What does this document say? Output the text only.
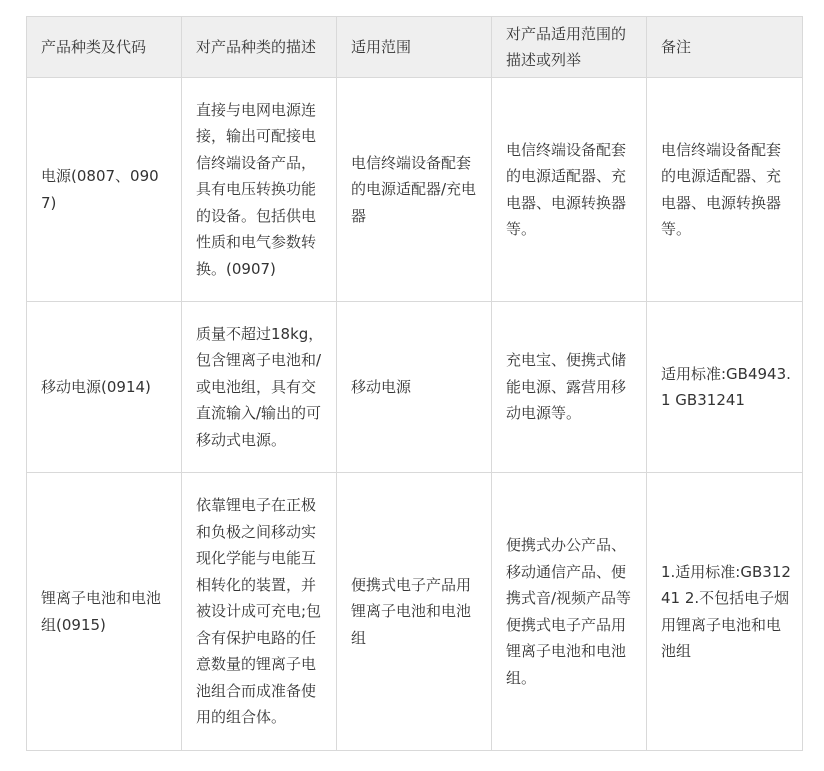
产品种类及代码	对产品种类的描述	适用范围	对产品适用范围的描述或列举	备注
电源(0807、0907)	直接与电网电源连接，输出可配接电信终端设备产品，具有电压转换功能的设备。包括供电性质和电气参数转换。(0907)	电信终端设备配套的电源适配器/充电器	电信终端设备配套的电源适配器、充电器、电源转换器等。	电信终端设备配套的电源适配器、充电器、电源转换器等。
移动电源(0914)	质量不超过18kg，包含锂离子电池和/或电池组，具有交直流输入/输出的可移动式电源。	移动电源	充电宝、便携式储能电源、露营用移动电源等。	适用标准:GB4943.1 GB31241
锂离子电池和电池组(0915)	依靠锂电子在正极和负极之间移动实现化学能与电能互相转化的装置，并被设计成可充电;包含有保护电路的任意数量的锂离子电池组合而成准备使用的组合体。	便携式电子产品用锂离子电池和电池组	便携式办公产品、移动通信产品、便携式音/视频产品等便携式电子产品用锂离子电池和电池组。	1.适用标准:GB31241 2.不包括电子烟用锂离子电池和电池组
